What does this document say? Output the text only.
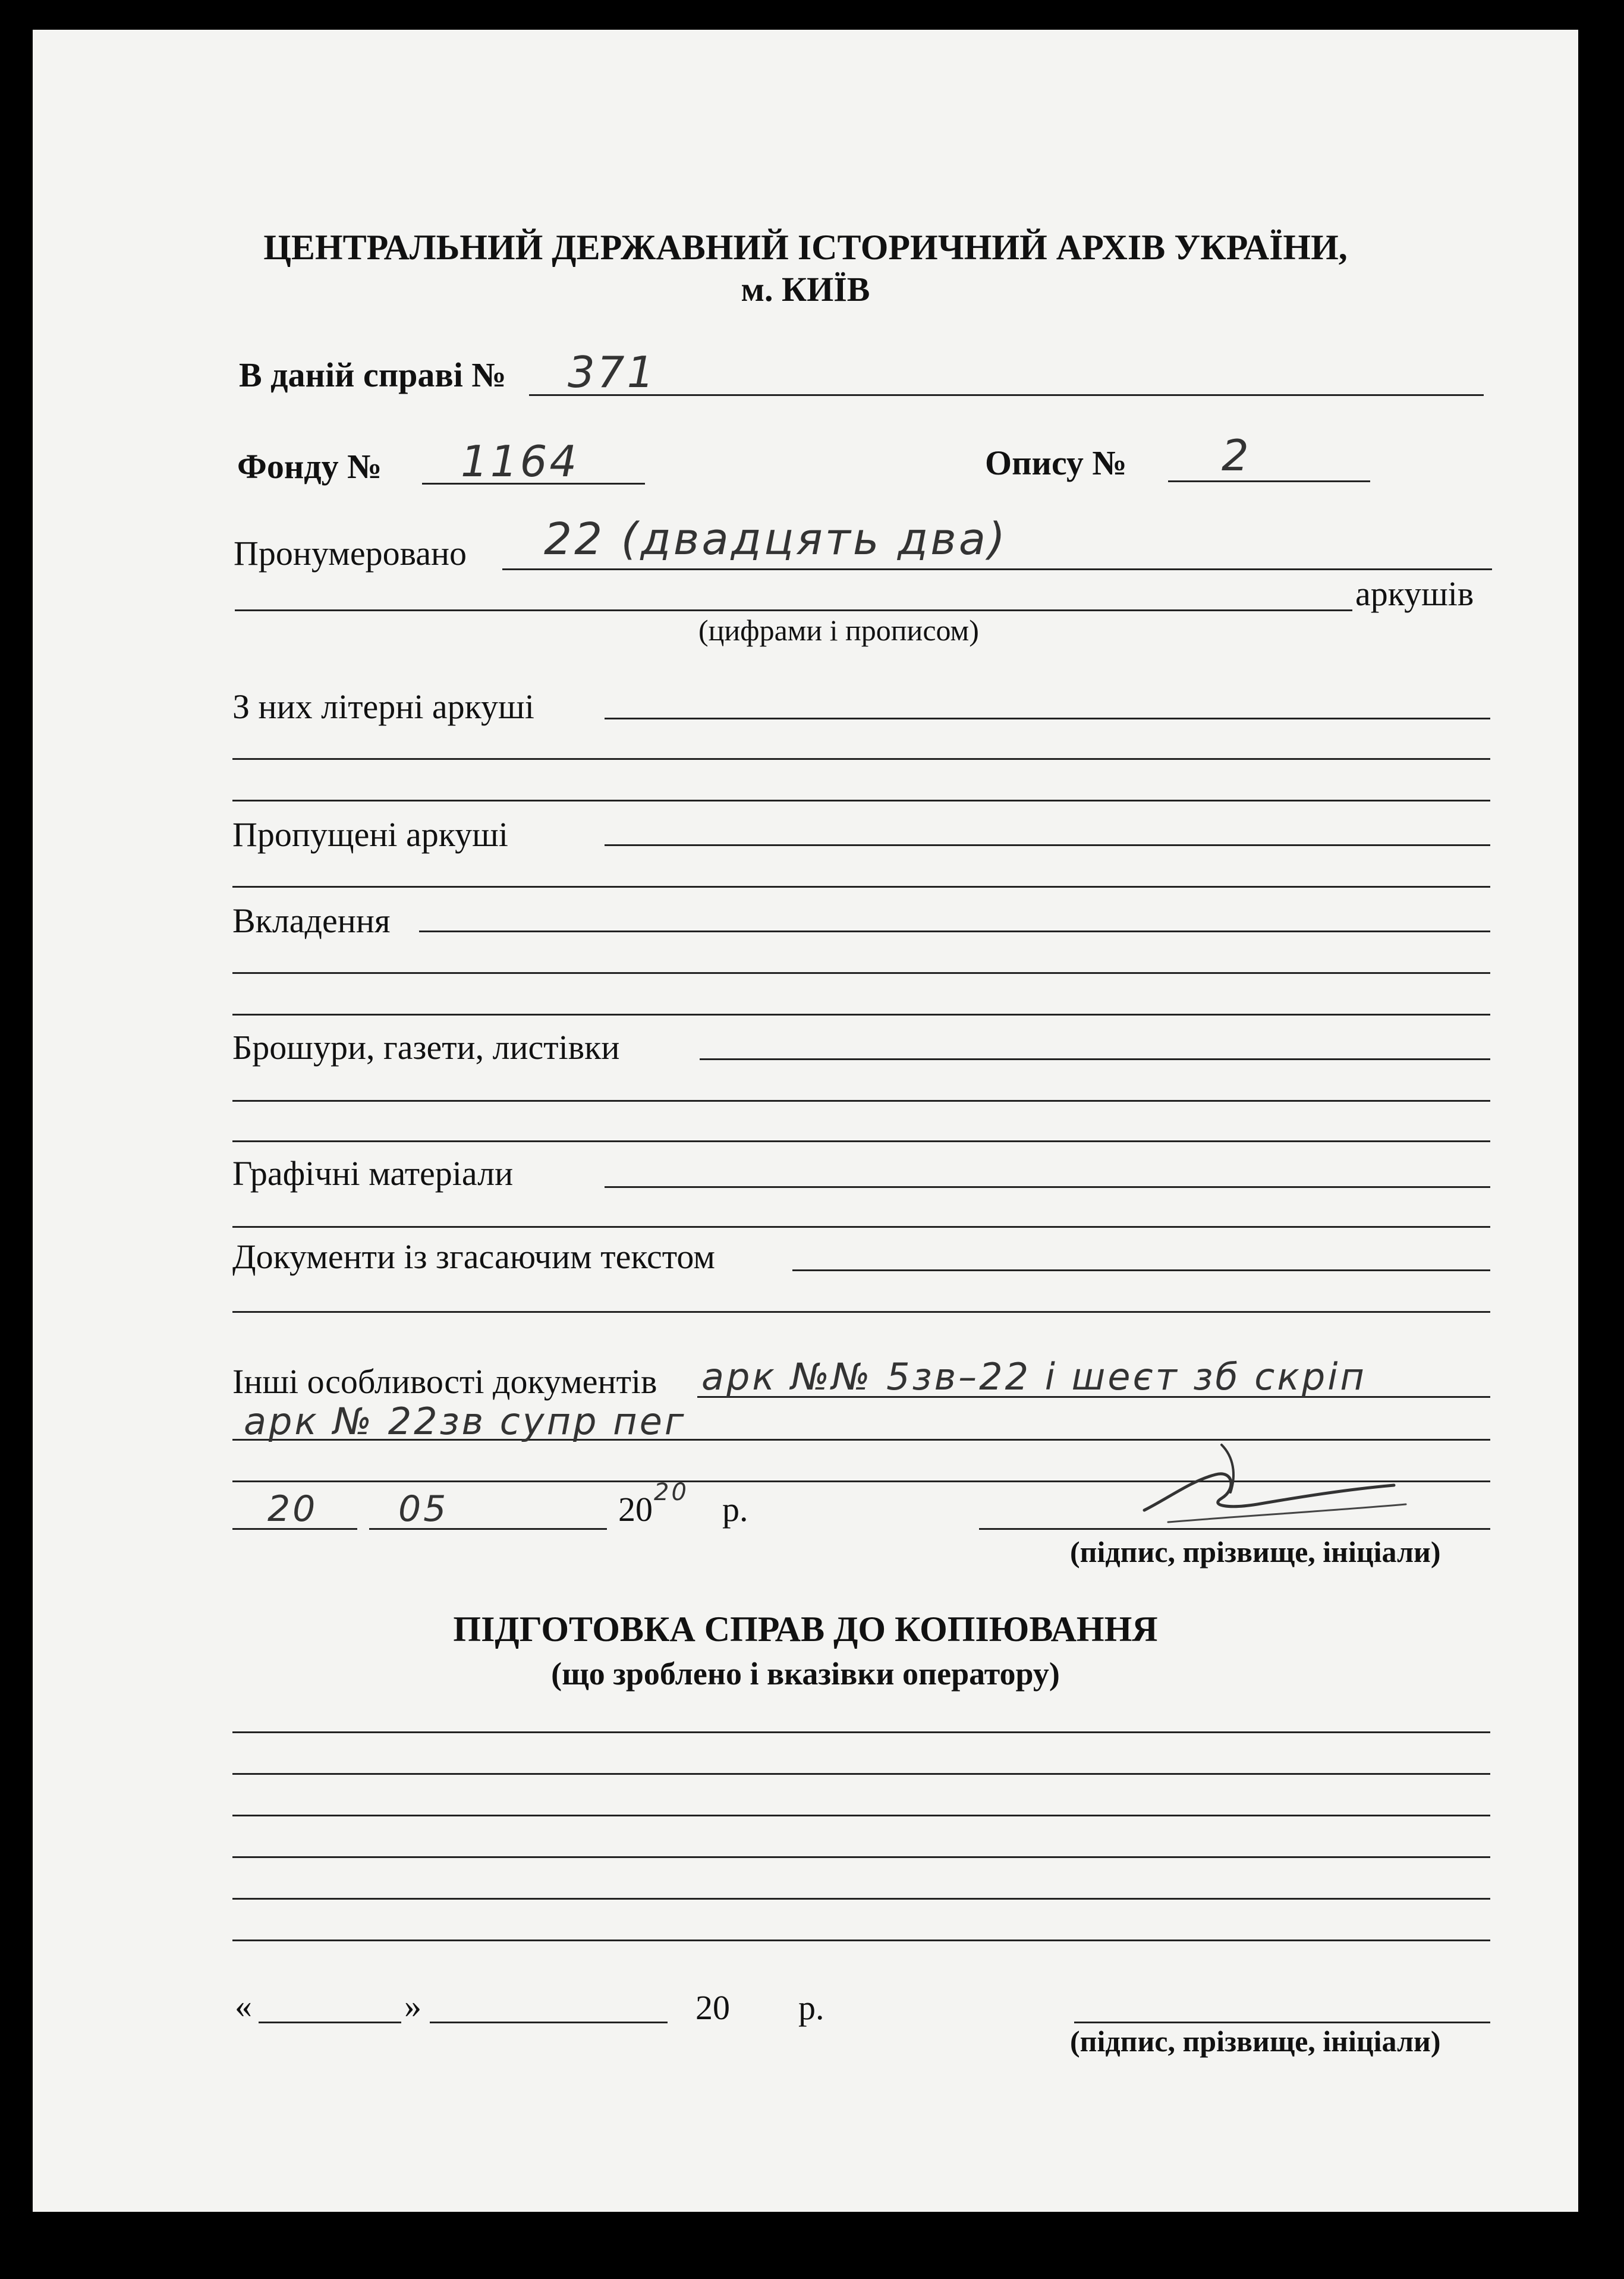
ЦЕНТРАЛЬНИЙ ДЕРЖАВНИЙ ІСТОРИЧНИЙ АРХІВ УКРАЇНИ,
м. КИЇВ
В даній справі № 371
Фонду № 1164	Опису № 2
Пронумеровано 22 (двадцять два)
аркушів
(цифрами і прописом)
З них літерні аркуші
Пропущені аркуші
Вкладення
Брошури, газети, листівки
Графічні матеріали
Документи із згасаючим текстом
Інші особливості документів арк №№ 5зв–22 і шеєт зб скріп
арк № 22зв супр пег
20 05	20 20 р.
(підпис, прізвище, ініціали)
ПІДГОТОВКА СПРАВ ДО КОПІЮВАННЯ
(що зроблено і вказівки оператору)
«	»	20 р.
(підпис, прізвище, ініціали)
